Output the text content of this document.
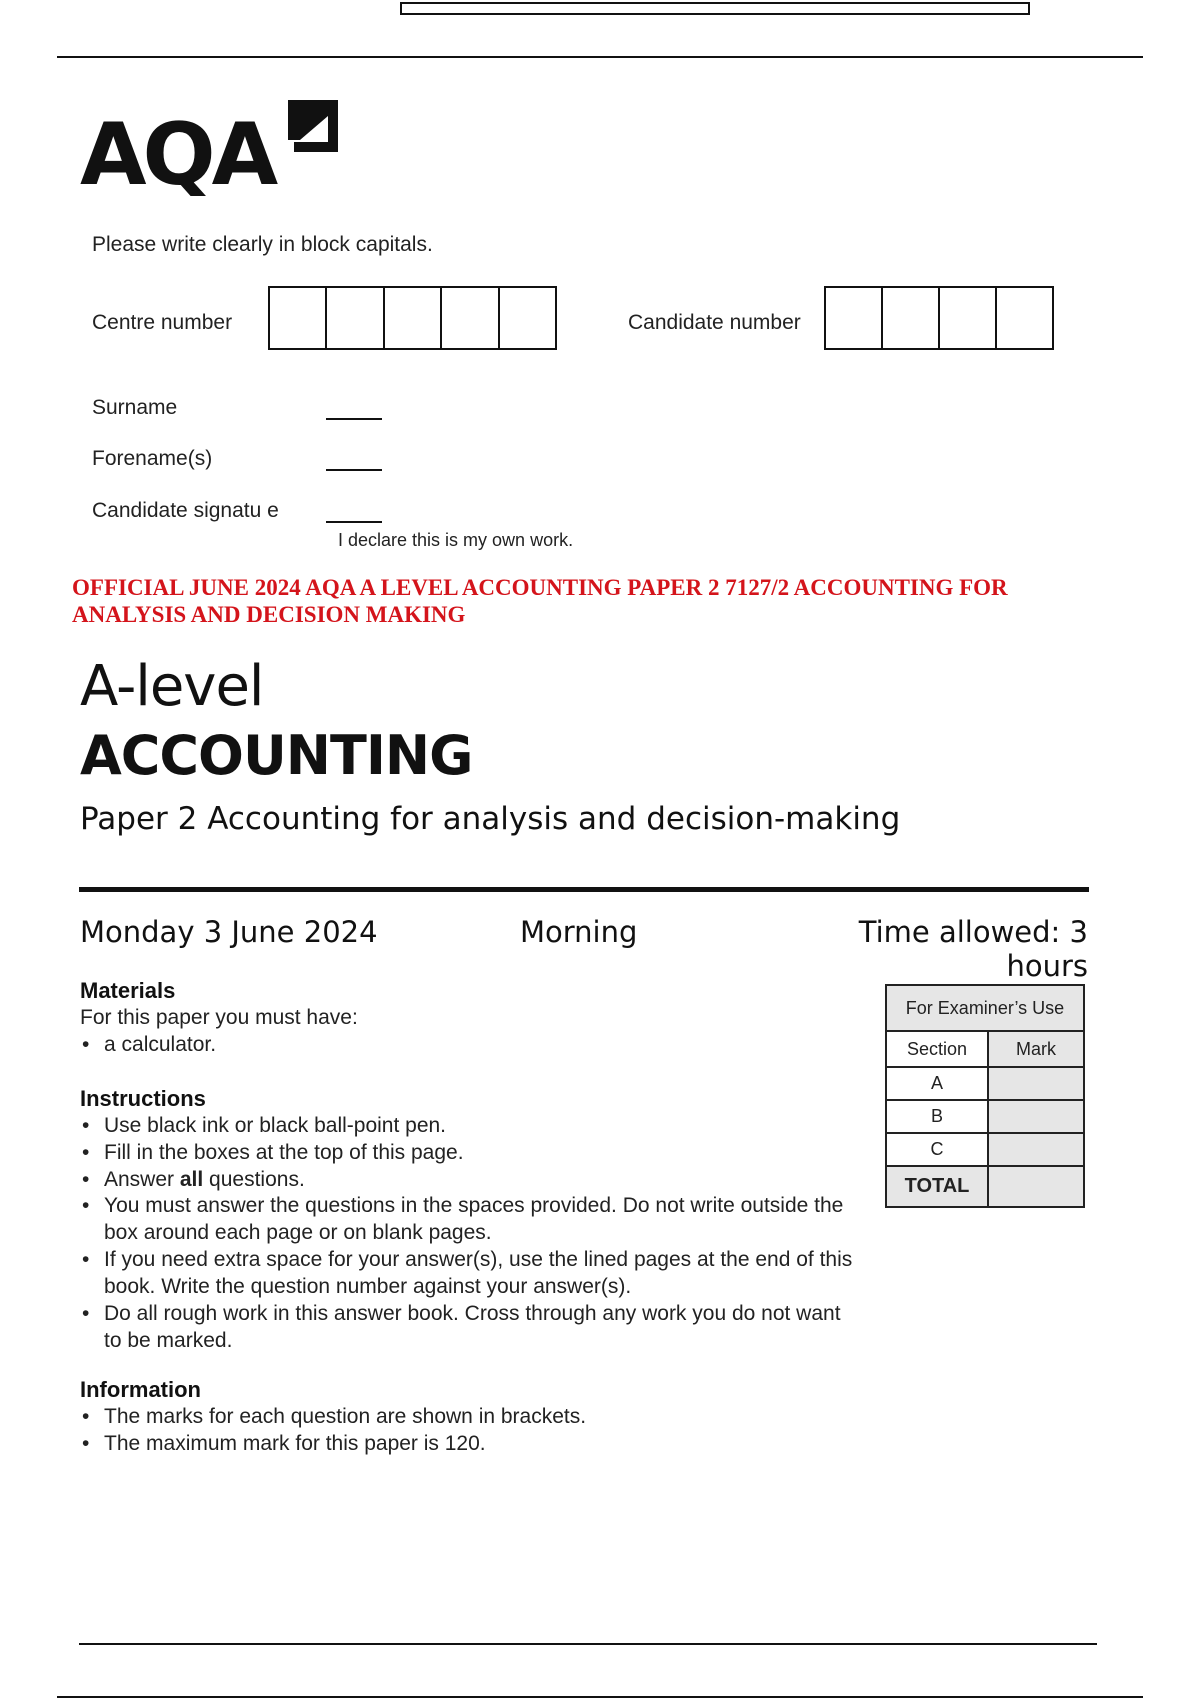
AQA
Please write clearly in block capitals.
Centre number	Candidate number
Surname
Forename(s)
Candidate signatu e
I declare this is my own work.
OFFICIAL JUNE 2024 AQA A LEVEL ACCOUNTING PAPER 2 7127/2 ACCOUNTING FOR ANALYSIS AND DECISION MAKING
A-level
ACCOUNTING
Paper 2 Accounting for analysis and decision-making
Monday 3 June 2024	Morning	Time allowed: 3 hours
Materials
For this paper you must have:
• a calculator.
Instructions
• Use black ink or black ball-point pen.
• Fill in the boxes at the top of this page.
• Answer all questions.
• You must answer the questions in the spaces provided. Do not write outside the box around each page or on blank pages.
• If you need extra space for your answer(s), use the lined pages at the end of this book. Write the question number against your answer(s).
• Do all rough work in this answer book. Cross through any work you do not want to be marked.
Information
• The marks for each question are shown in brackets.
• The maximum mark for this paper is 120.
For Examiner’s Use	
Section	Mark
A	
B	
C	
TOTAL	
